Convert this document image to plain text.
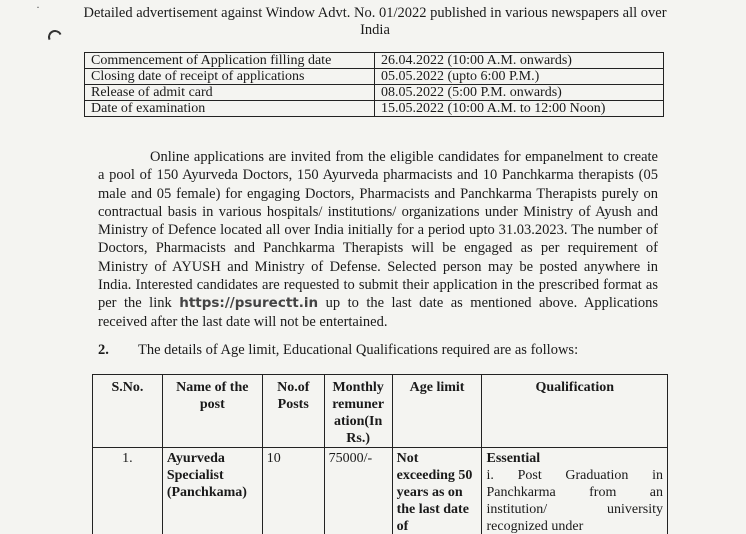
·	Detailed advertisement against Window Advt. No. 01/2022 published in various newspapers all over India
Commencement of Application filling date	26.04.2022 (10:00 A.M. onwards)
Closing date of receipt of applications	05.05.2022 (upto 6:00 P.M.)
Release of admit card	08.05.2022 (5:00 P.M. onwards)
Date of examination	15.05.2022 (10:00 A.M. to 12:00 Noon)
Online applications are invited from the eligible candidates for empanelment to create a pool of 150 Ayurveda Doctors, 150 Ayurveda pharmacists and 10 Panchkarma therapists (05 male and 05 female) for engaging Doctors, Pharmacists and Panchkarma Therapists purely on contractual basis in various hospitals/ institutions/ organizations under Ministry of Ayush and Ministry of Defence located all over India initially for a period upto 31.03.2023. The number of Doctors, Pharmacists and Panchkarma Therapists will be engaged as per requirement of Ministry of AYUSH and Ministry of Defense. Selected person may be posted anywhere in India. Interested candidates are requested to submit their application in the prescribed format as per the link https://psurectt.in up to the last date as mentioned above. Applications received after the last date will not be entertained.
2. The details of Age limit, Educational Qualifications required are as follows:
S.No.	Name of the post	No.of Posts	Monthly remuner ation(In Rs.)	Age limit	Qualification
1.	Ayurveda Specialist (Panchkama)	10	75000/-	Not exceeding 50 years as on the last date of	Essential
i. Post Graduation in Panchkarma from an institution/ university recognized under
